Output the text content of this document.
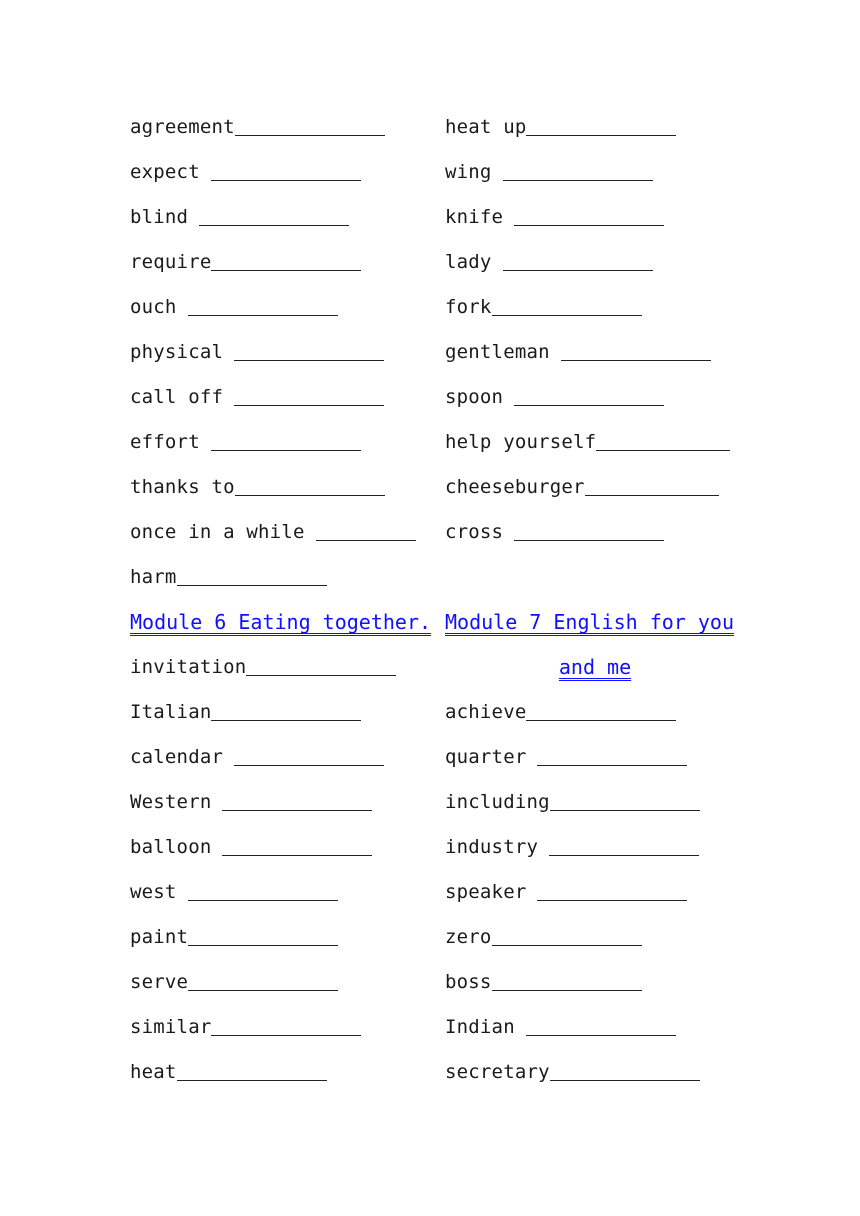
agreement
expect
blind
require
ouch
physical
call off
effort
thanks to
once in a while
harm
Module 6 Eating together.
invitation
Italian
calendar
Western
balloon
west
paint
serve
similar
heat
heat up
wing
knife
lady
fork
gentleman
spoon
help yourself
cheeseburger
cross
Module 7 English for you
and me
achieve
quarter
including
industry
speaker
zero
boss
Indian
secretary
